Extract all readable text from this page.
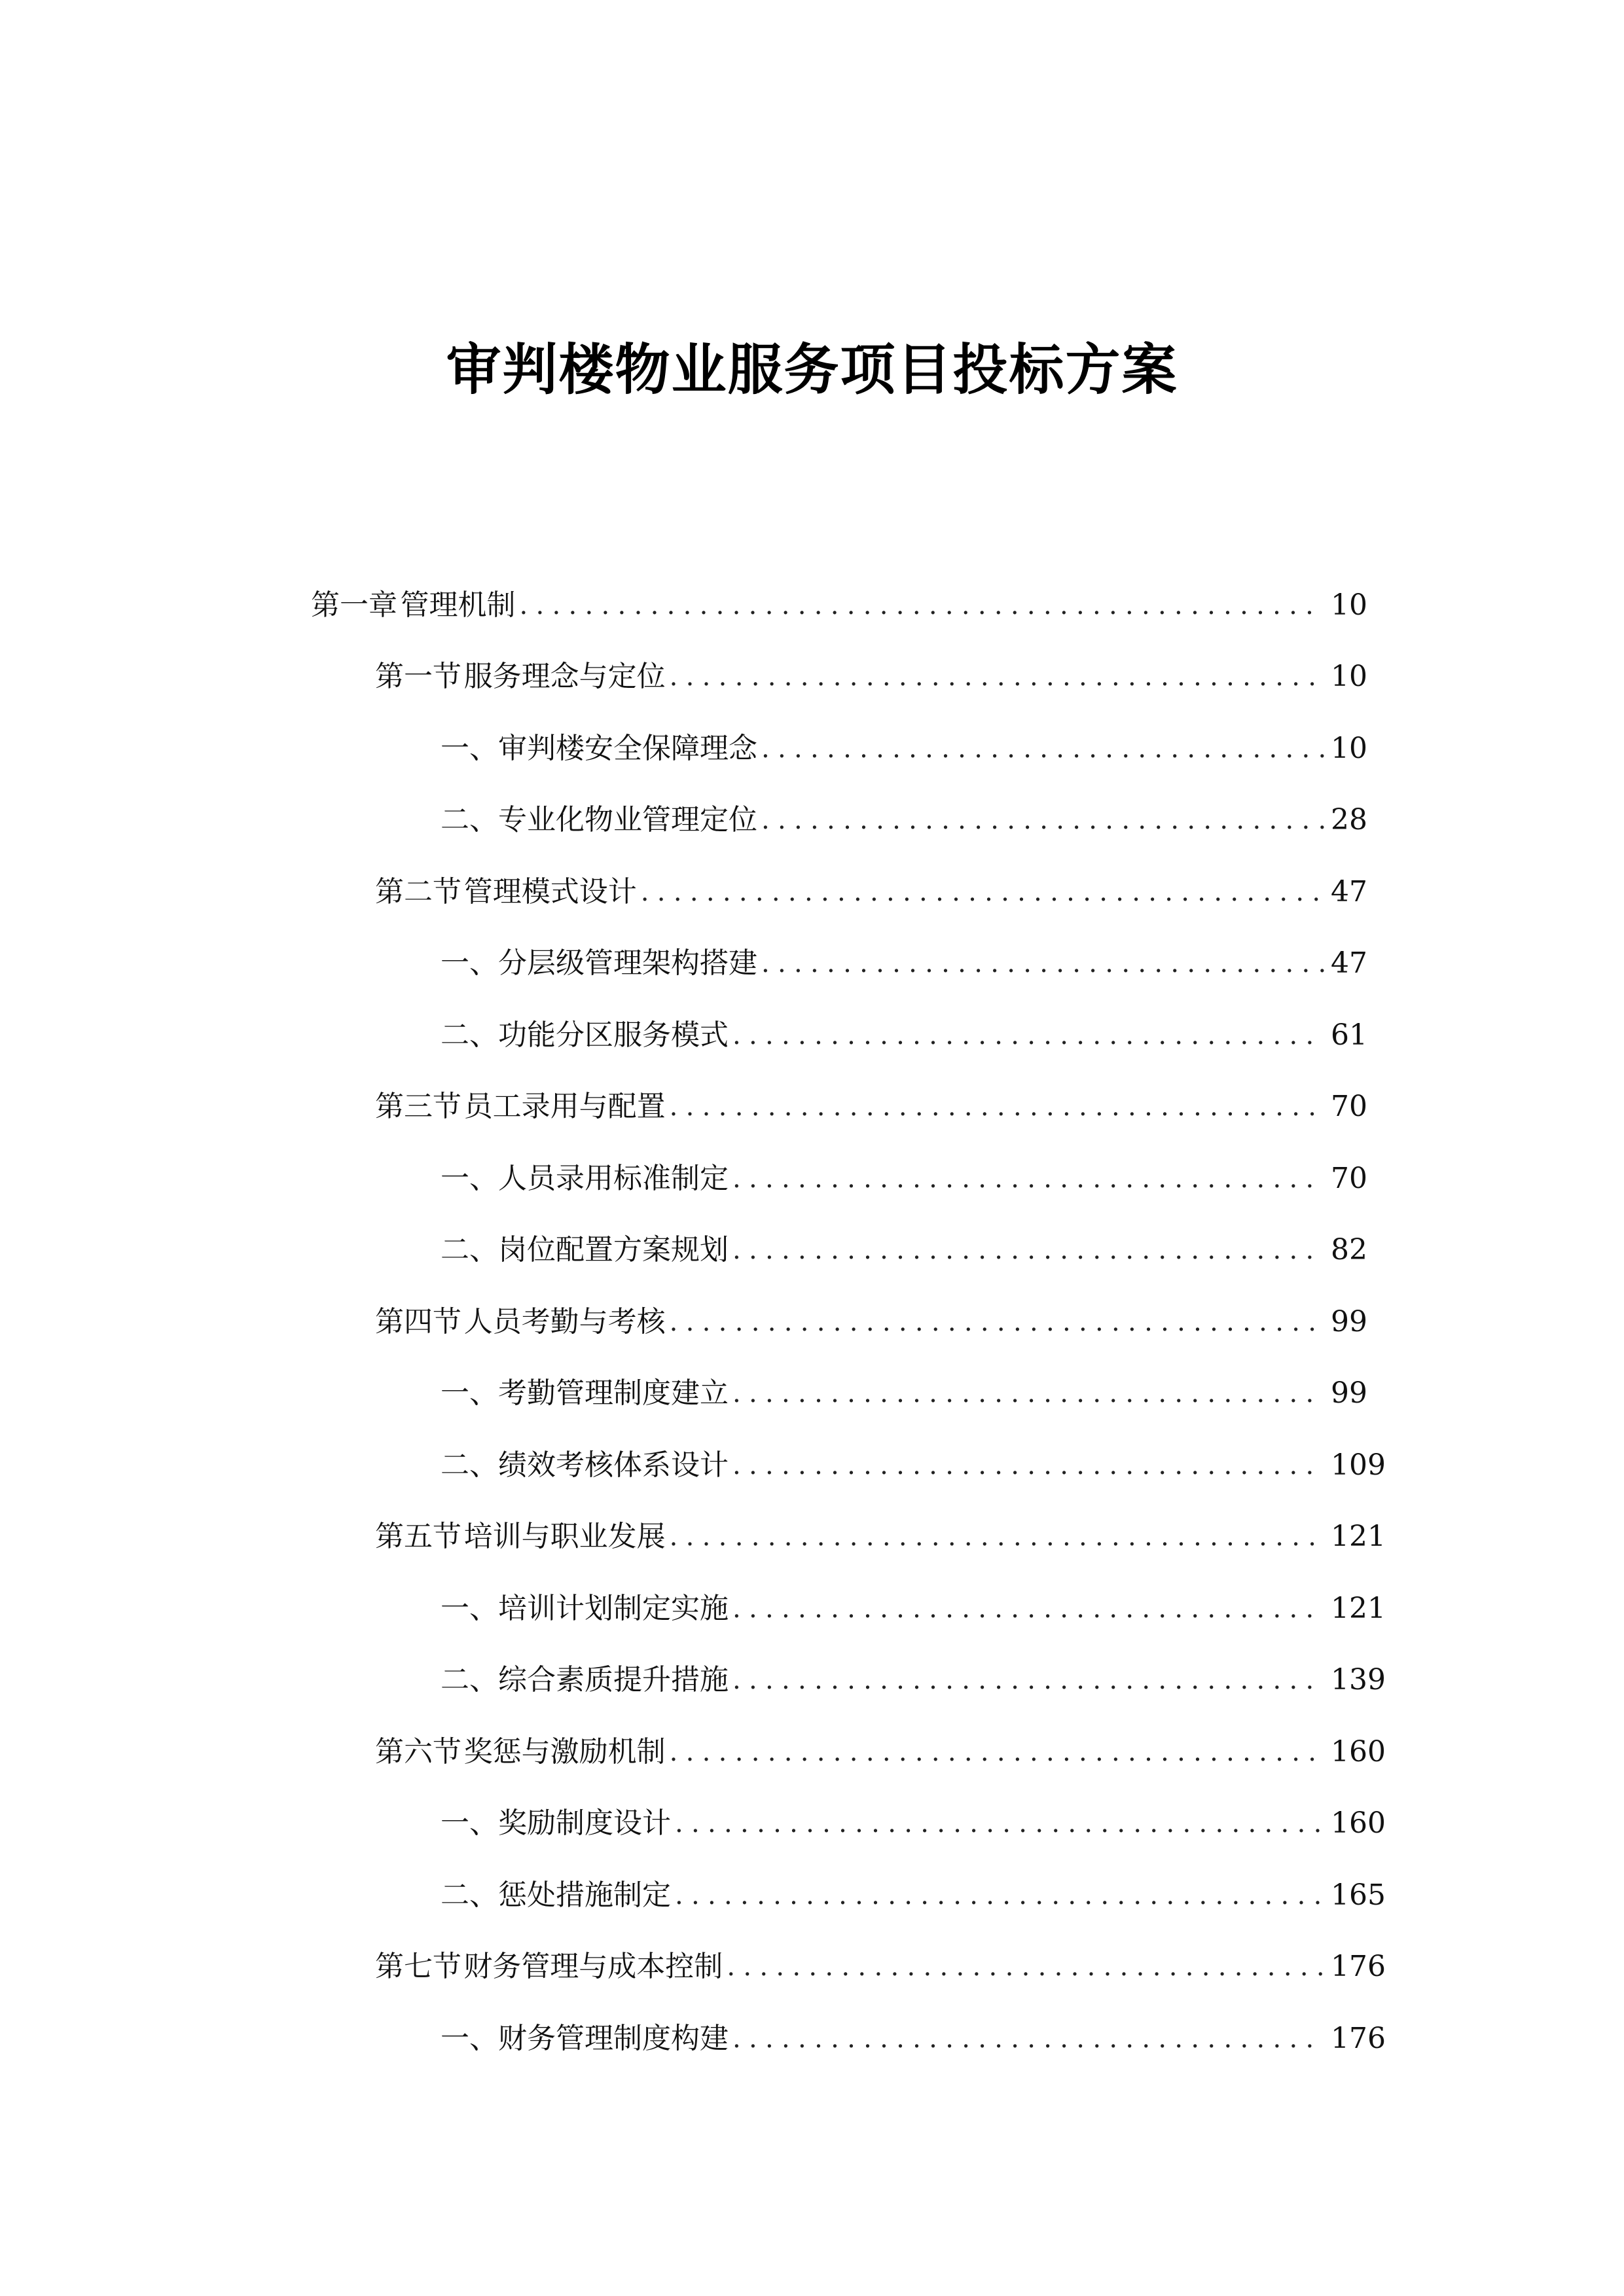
审判楼物业服务项目投标方案
第一章 管理机制 .....	10
第一节 服务理念与定位 .....	10
一、 审判楼安全保障理念 .....	10
二、 专业化物业管理定位 .....	28
第二节 管理模式设计 .....	47
一、 分层级管理架构搭建 .....	47
二、 功能分区服务模式 .....	61
第三节 员工录用与配置 .....	70
一、 人员录用标准制定 .....	70
二、 岗位配置方案规划 .....	82
第四节 人员考勤与考核 .....	99
一、 考勤管理制度建立 .....	99
二、 绩效考核体系设计 .....	109
第五节 培训与职业发展 .....	121
一、 培训计划制定实施 .....	121
二、 综合素质提升措施 .....	139
第六节 奖惩与激励机制 .....	160
一、 奖励制度设计 .....	160
二、 惩处措施制定 .....	165
第七节 财务管理与成本控制 .....	176
一、 财务管理制度构建 .....	176
